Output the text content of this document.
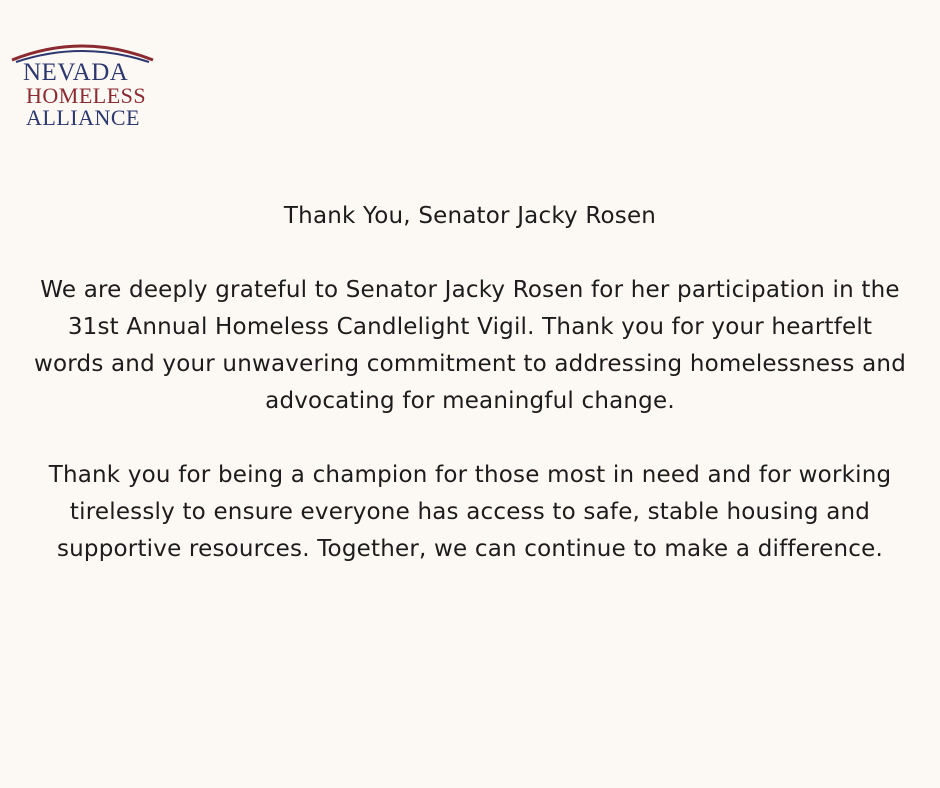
NEVADA
HOMELESS
ALLIANCE

Thank You, Senator Jacky Rosen

We are deeply grateful to Senator Jacky Rosen for her participation in the 31st Annual Homeless Candlelight Vigil. Thank you for your heartfelt words and your unwavering commitment to addressing homelessness and advocating for meaningful change.

Thank you for being a champion for those most in need and for working tirelessly to ensure everyone has access to safe, stable housing and supportive resources. Together, we can continue to make a difference.
